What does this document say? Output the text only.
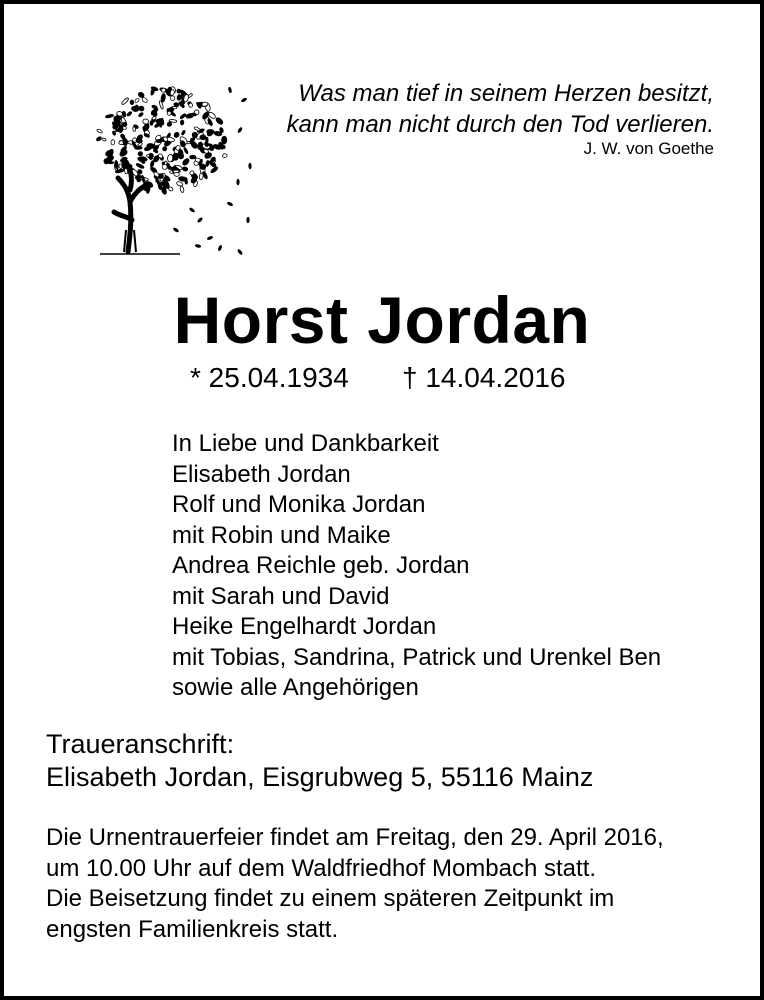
Was man tief in seinem Herzen besitzt,
kann man nicht durch den Tod verlieren.
J. W. von Goethe
Horst Jordan
* 25.04.1934 † 14.04.2016
In Liebe und Dankbarkeit
Elisabeth Jordan
Rolf und Monika Jordan
mit Robin und Maike
Andrea Reichle geb. Jordan
mit Sarah und David
Heike Engelhardt Jordan
mit Tobias, Sandrina, Patrick und Urenkel Ben
sowie alle Angehörigen
Traueranschrift:
Elisabeth Jordan, Eisgrubweg 5, 55116 Mainz
Die Urnentrauerfeier findet am Freitag, den 29. April 2016,
um 10.00 Uhr auf dem Waldfriedhof Mombach statt.
Die Beisetzung findet zu einem späteren Zeitpunkt im
engsten Familienkreis statt.
